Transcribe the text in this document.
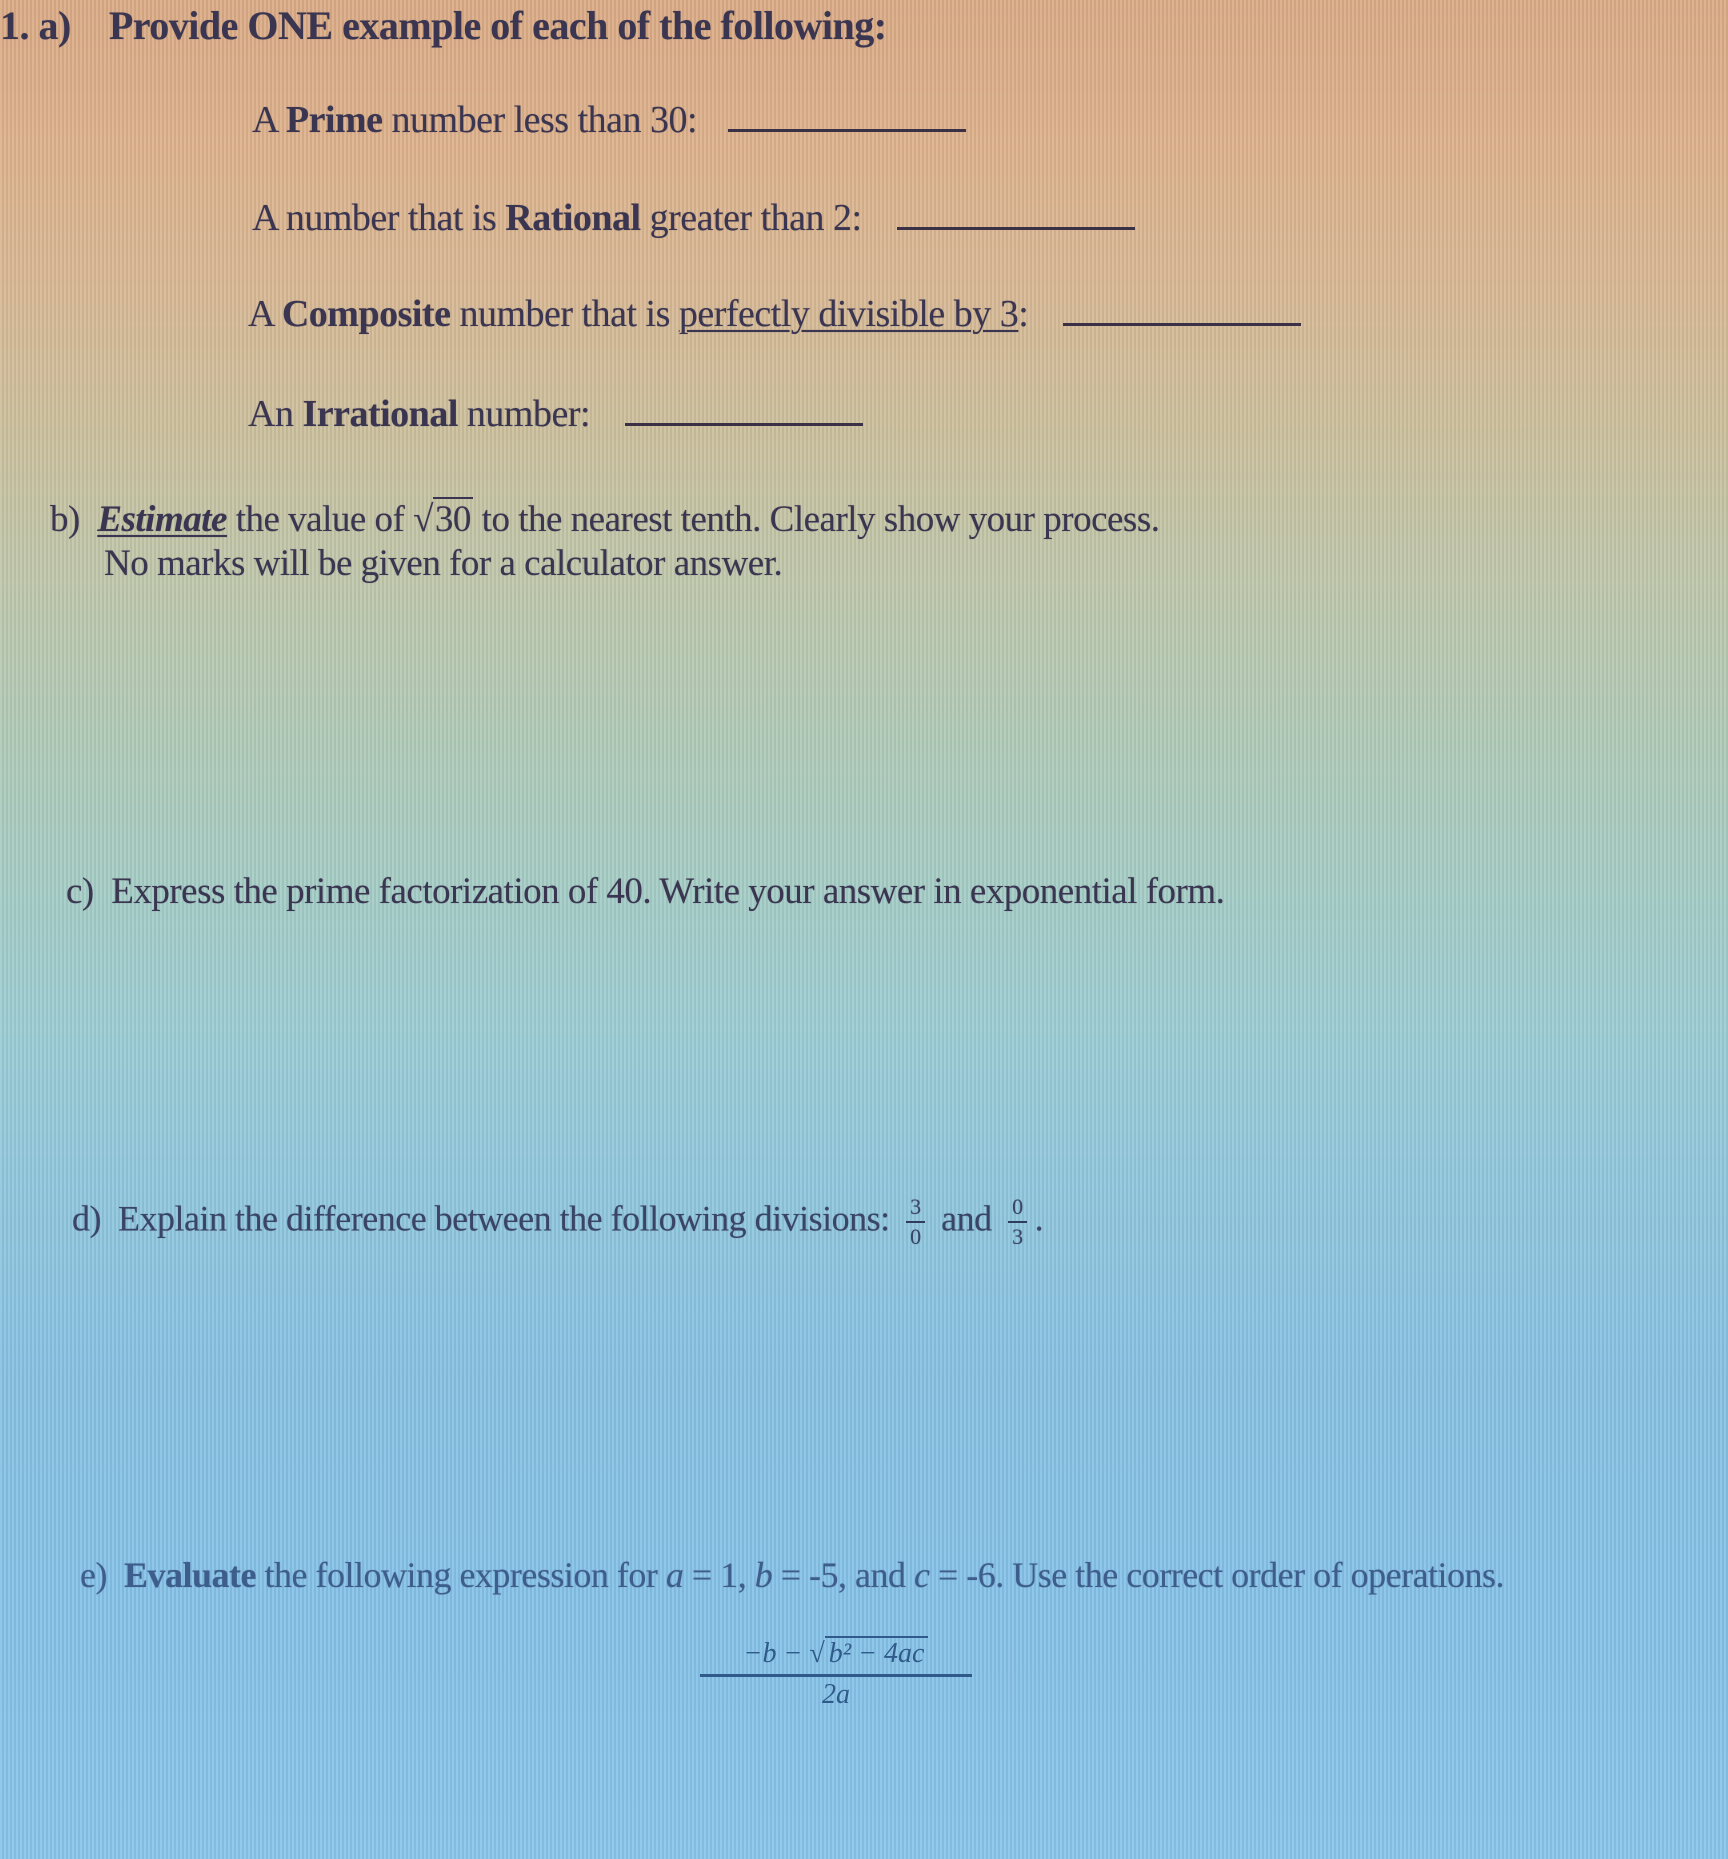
1. a) Provide ONE example of each of the following:
A Prime number less than 30:
A number that is Rational greater than 2:
A Composite number that is perfectly divisible by 3:
An Irrational number:
b) Estimate the value of √30 to the nearest tenth. Clearly show your process.
No marks will be given for a calculator answer.
c) Express the prime factorization of 40. Write your answer in exponential form.
d) Explain the difference between the following divisions: $\frac{3}{0}$ and $\frac{0}{3}$ .
e) Evaluate the following expression for a = 1, b = -5, and c = -6. Use the correct order of operations.
$\frac{\text{−b − √ b² − 4ac}}{2a}$
